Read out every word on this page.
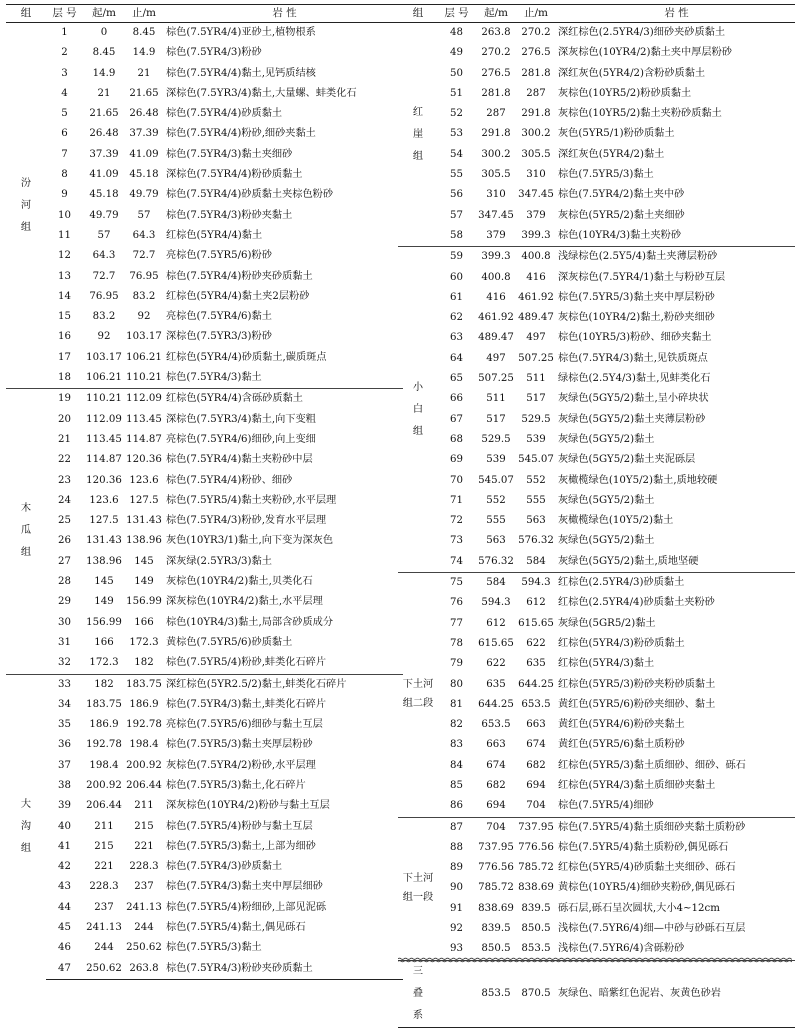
组	层 号	起/m	止/m	岩 性
汾河组	1	0	8.45	棕色(7.5YR4/4)亚砂土,植物根系
	2	8.45	14.9	棕色(7.5YR4/3)粉砂
	3	14.9	21	棕色(7.5YR4/4)黏土,见钙质结核
	4	21	21.65	深棕色(7.5YR3/4)黏土,大量螺、蚌类化石
	5	21.65	26.48	棕色(7.5YR4/4)砂质黏土
	6	26.48	37.39	棕色(7.5YR4/4)粉砂,细砂夹黏土
	7	37.39	41.09	棕色(7.5YR4/3)黏土夹细砂
	8	41.09	45.18	深棕色(7.5YR4/4)粉砂质黏土
	9	45.18	49.79	棕色(7.5YR4/4)砂质黏土夹棕色粉砂
	10	49.79	57	棕色(7.5YR4/3)粉砂夹黏土
	11	57	64.3	红棕色(5YR4/4)黏土
	12	64.3	72.7	亮棕色(7.5YR5/6)粉砂
	13	72.7	76.95	棕色(7.5YR4/4)粉砂夹砂质黏土
	14	76.95	83.2	红棕色(5YR4/4)黏土夹2层粉砂
	15	83.2	92	亮棕色(7.5YR4/6)黏土
	16	92	103.17	深棕色(7.5YR3/3)粉砂
	17	103.17	106.21	红棕色(5YR4/4)砂质黏土,碳质斑点
	18	106.21	110.21	棕色(7.5YR4/3)黏土
木瓜组	19	110.21	112.09	红棕色(5YR4/4)含砾砂质黏土
	20	112.09	113.45	深棕色(7.5YR3/4)黏土,向下变粗
	21	113.45	114.87	亮棕色(7.5YR4/6)细砂,向上变细
	22	114.87	120.36	棕色(7.5YR4/4)黏土夹粉砂中层
	23	120.36	123.6	棕色(7.5YR4/4)粉砂、细砂
	24	123.6	127.5	棕色(7.5YR5/4)黏土夹粉砂,水平层理
	25	127.5	131.43	棕色(7.5YR4/3)粉砂,发育水平层理
	26	131.43	138.96	灰色(10YR3/1)黏土,向下变为深灰色
	27	138.96	145	深灰绿(2.5YR3/3)黏土
	28	145	149	灰棕色(10YR4/2)黏土,贝类化石
	29	149	156.99	深灰棕色(10YR4/2)黏土,水平层理
	30	156.99	166	棕色(10YR4/3)黏土,局部含砂质成分
	31	166	172.3	黄棕色(7.5YR5/6)砂质黏土
	32	172.3	182	棕色(7.5YR5/4)粉砂,蚌类化石碎片
大沟组	33	182	183.75	深红棕色(5YR2.5/2)黏土,蚌类化石碎片
	34	183.75	186.9	棕色(7.5YR4/3)黏土,蚌类化石碎片
	35	186.9	192.78	亮棕色(7.5YR5/6)细砂与黏土互层
	36	192.78	198.4	棕色(7.5YR5/3)黏土夹厚层粉砂
	37	198.4	200.92	灰棕色(7.5YR4/2)粉砂,水平层理
	38	200.92	206.44	棕色(7.5YR5/3)黏土,化石碎片
	39	206.44	211	深灰棕色(10YR4/2)粉砂与黏土互层
	40	211	215	棕色(7.5YR5/4)粉砂与黏土互层
	41	215	221	棕色(7.5YR5/3)黏土,上部为细砂
	42	221	228.3	棕色(7.5YR4/3)砂质黏土
	43	228.3	237	棕色(7.5YR4/3)黏土夹中厚层细砂
	44	237	241.13	棕色(7.5YR5/4)粉细砂,上部见泥砾
	45	241.13	244	棕色(7.5YR5/4)黏土,偶见砾石
	46	244	250.62	棕色(7.5YR5/3)黏土
	47	250.62	263.8	棕色(7.5YR4/3)粉砂夹砂质黏土
组	层 号	起/m	止/m	岩 性
红崖组	48	263.8	270.2	深红棕色(2.5YR4/3)细砂夹砂质黏土
	49	270.2	276.5	深灰棕色(10YR4/2)黏土夹中厚层粉砂
	50	276.5	281.8	深红灰色(5YR4/2)含粉砂质黏土
	51	281.8	287	灰棕色(10YR5/2)粉砂质黏土
	52	287	291.8	灰棕色(10YR5/2)黏土夹粉砂质黏土
	53	291.8	300.2	灰色(5YR5/1)粉砂质黏土
	54	300.2	305.5	深红灰色(5YR4/2)黏土
	55	305.5	310	棕色(7.5YR5/3)黏土
	56	310	347.45	棕色(7.5YR4/2)黏土夹中砂
	57	347.45	379	灰棕色(5YR5/2)黏土夹细砂
	58	379	399.3	棕色(10YR4/3)黏土夹粉砂
小白组	59	399.3	400.8	浅绿棕色(2.5Y5/4)黏土夹薄层粉砂
	60	400.8	416	深灰棕色(7.5YR4/1)黏土与粉砂互层
	61	416	461.92	棕色(7.5YR5/3)黏土夹中厚层粉砂
	62	461.92	489.47	灰棕色(10YR4/2)黏土,粉砂夹细砂
	63	489.47	497	棕色(10YR5/3)粉砂、细砂夹黏土
	64	497	507.25	棕色(7.5YR4/3)黏土,见铁质斑点
	65	507.25	511	绿棕色(2.5Y4/3)黏土,见蚌类化石
	66	511	517	灰绿色(5GY5/2)黏土,呈小碎块状
	67	517	529.5	灰绿色(5GY5/2)黏土夹薄层粉砂
	68	529.5	539	灰绿色(5GY5/2)黏土
	69	539	545.07	灰绿色(5GY5/2)黏土夹泥砾层
	70	545.07	552	灰橄榄绿色(10Y5/2)黏土,质地较硬
	71	552	555	灰绿色(5GY5/2)黏土
	72	555	563	灰橄榄绿色(10Y5/2)黏土
	73	563	576.32	灰绿色(5GY5/2)黏土
	74	576.32	584	灰绿色(5GY5/2)黏土,质地坚硬
下土河组二段	75	584	594.3	红棕色(2.5YR4/3)砂质黏土
	76	594.3	612	红棕色(2.5YR4/4)砂质黏土夹粉砂
	77	612	615.65	灰绿色(5GR5/2)黏土
	78	615.65	622	红棕色(5YR4/3)粉砂质黏土
	79	622	635	红棕色(5YR4/3)黏土
	80	635	644.25	红棕色(5YR5/3)粉砂夹粉砂质黏土
	81	644.25	653.5	黄红色(5YR5/6)粉砂夹细砂、黏土
	82	653.5	663	黄红色(5YR4/6)粉砂夹黏土
	83	663	674	黄红色(5YR5/6)黏土质粉砂
	84	674	682	红棕色(5YR5/3)黏土质细砂、细砂、砾石
	85	682	694	红棕色(5YR4/3)黏土质细砂夹黏土
	86	694	704	棕色(7.5YR5/4)细砂
下土河组一段	87	704	737.95	棕色(7.5YR5/4)黏土质细砂夹黏土质粉砂
	88	737.95	776.56	棕色(7.5YR5/4)黏土质粉砂,偶见砾石
	89	776.56	785.72	红棕色(5YR5/4)砂质黏土夹细砂、砾石
	90	785.72	838.69	黄棕色(10YR5/4)细砂夹粉砂,偶见砾石
	91	838.69	839.5	砾石层,砾石呈次圆状,大小4~12cm
	92	839.5	850.5	浅棕色(7.5YR6/4)细—中砂与砂砾石互层
	93	850.5	853.5	浅棕色(7.5YR6/4)含砾粉砂
三叠系		853.5	870.5	灰绿色、暗紫红色泥岩、灰黄色砂岩
